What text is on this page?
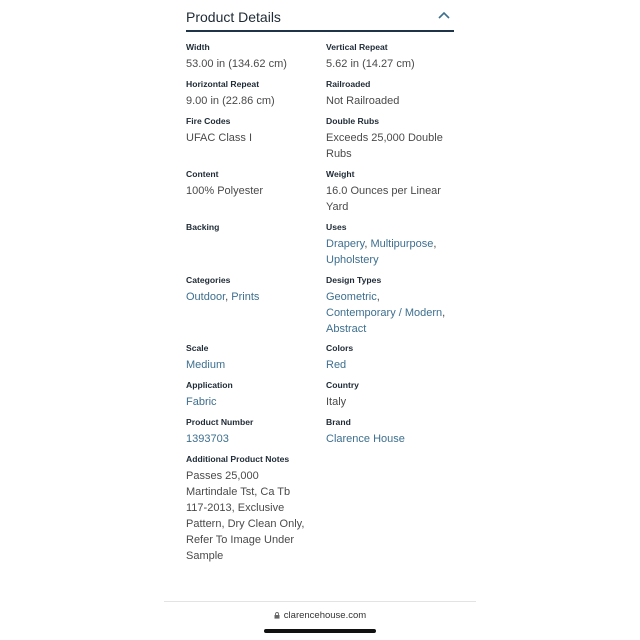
Product Details
Width
53.00 in (134.62 cm)
Vertical Repeat
5.62 in (14.27 cm)
Horizontal Repeat
9.00 in (22.86 cm)
Railroaded
Not Railroaded
Fire Codes
UFAC Class I
Double Rubs
Exceeds 25,000 Double
Rubs
Content
100% Polyester
Weight
16.0 Ounces per Linear
Yard
Backing	Uses
Drapery, Multipurpose,
Upholstery
Categories
Outdoor, Prints
Design Types
Geometric,
Contemporary / Modern,
Abstract
Scale
Medium
Colors
Red
Application
Fabric
Country
Italy
Product Number
1393703
Brand
Clarence House
Additional Product Notes
Passes 25,000
Martindale Tst, Ca Tb
117-2013, Exclusive
Pattern, Dry Clean Only,
Refer To Image Under
Sample
clarencehouse.com
